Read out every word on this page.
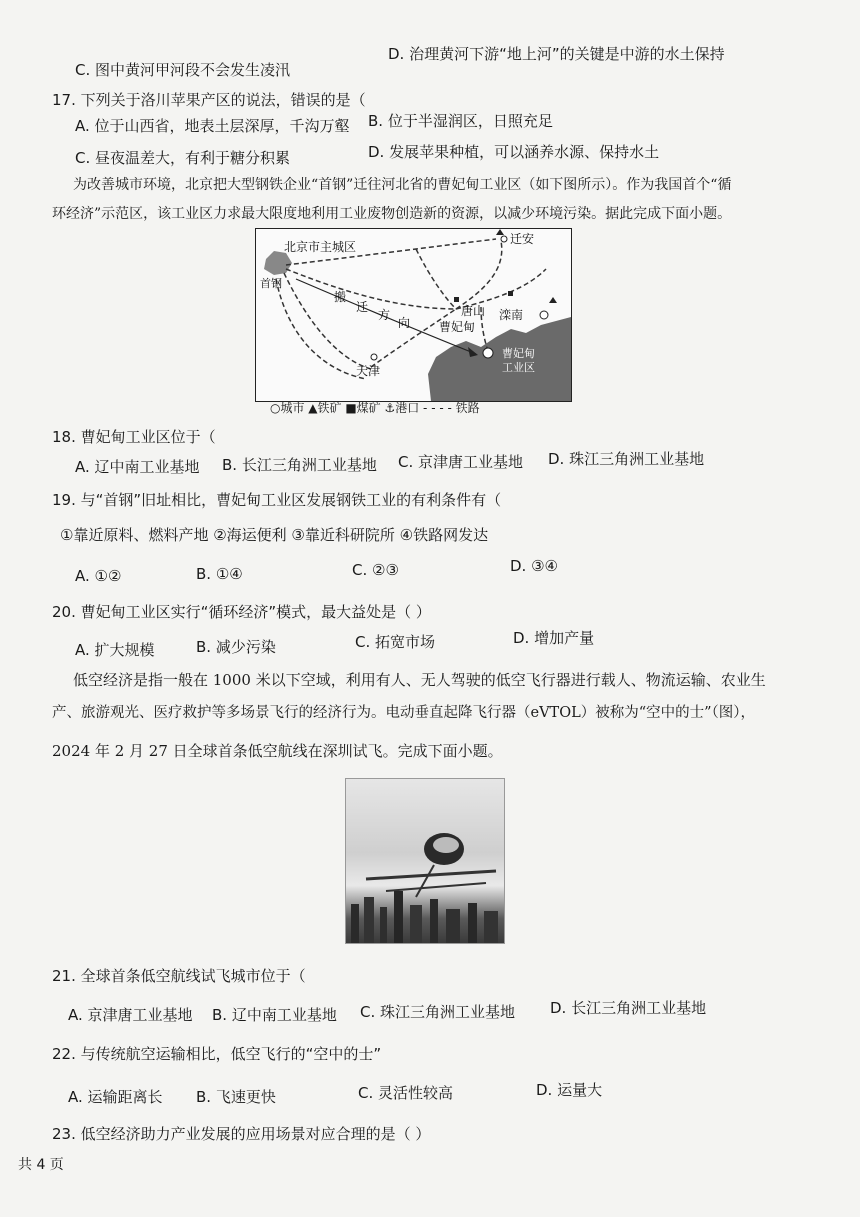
C. 图中黄河甲河段不会发生凌汛
D. 治理黄河下游“地上河”的关键是中游的水土保持
17. 下列关于洛川苹果产区的说法，错误的是（
A. 位于山西省，地表土层深厚，千沟万壑 B. 位于半湿润区，日照充足
C. 昼夜温差大，有利于糖分积累	D. 发展苹果种植，可以涵养水源、保持水土
为改善城市环境，北京把大型钢铁企业“首钢”迁往河北省的曹妃甸工业区（如下图所示）。作为我国首个“循
环经济”示范区，该工业区力求最大限度地利用工业废物创造新的资源，以减少环境污染。据此完成下面小题。
北京市主城区
首钢
迁安
搬
迁
方
向
唐山 滦南
曹妃甸
天津
曹妃甸
工业区
○城市 ▲铁矿 ■煤矿 ⚓港口 - - - - 铁路
18. 曹妃甸工业区位于（
A. 辽中南工业基地 B. 长江三角洲工业基地 C. 京津唐工业基地 D. 珠江三角洲工业基地
19. 与“首钢”旧址相比，曹妃甸工业区发展钢铁工业的有利条件有（
①靠近原料、燃料产地 ②海运便利 ③靠近科研院所 ④铁路网发达
A. ①②	B. ①④	C. ②③	D. ③④
20. 曹妃甸工业区实行“循环经济”模式，最大益处是（ ）
A. 扩大规模	B. 减少污染	C. 拓宽市场	D. 增加产量
低空经济是指一般在 1000 米以下空域，利用有人、无人驾驶的低空飞行器进行载人、物流运输、农业生
产、旅游观光、医疗救护等多场景飞行的经济行为。电动垂直起降飞行器（eVTOL）被称为“空中的士”（图），
2024 年 2 月 27 日全球首条低空航线在深圳试飞。完成下面小题。
21. 全球首条低空航线试飞城市位于（
A. 京津唐工业基地 B. 辽中南工业基地 C. 珠江三角洲工业基地 D. 长江三角洲工业基地
22. 与传统航空运输相比，低空飞行的“空中的士”
A. 运输距离长 B. 飞速更快	C. 灵活性较高	D. 运量大
23. 低空经济助力产业发展的应用场景对应合理的是（ ）
共 4 页
